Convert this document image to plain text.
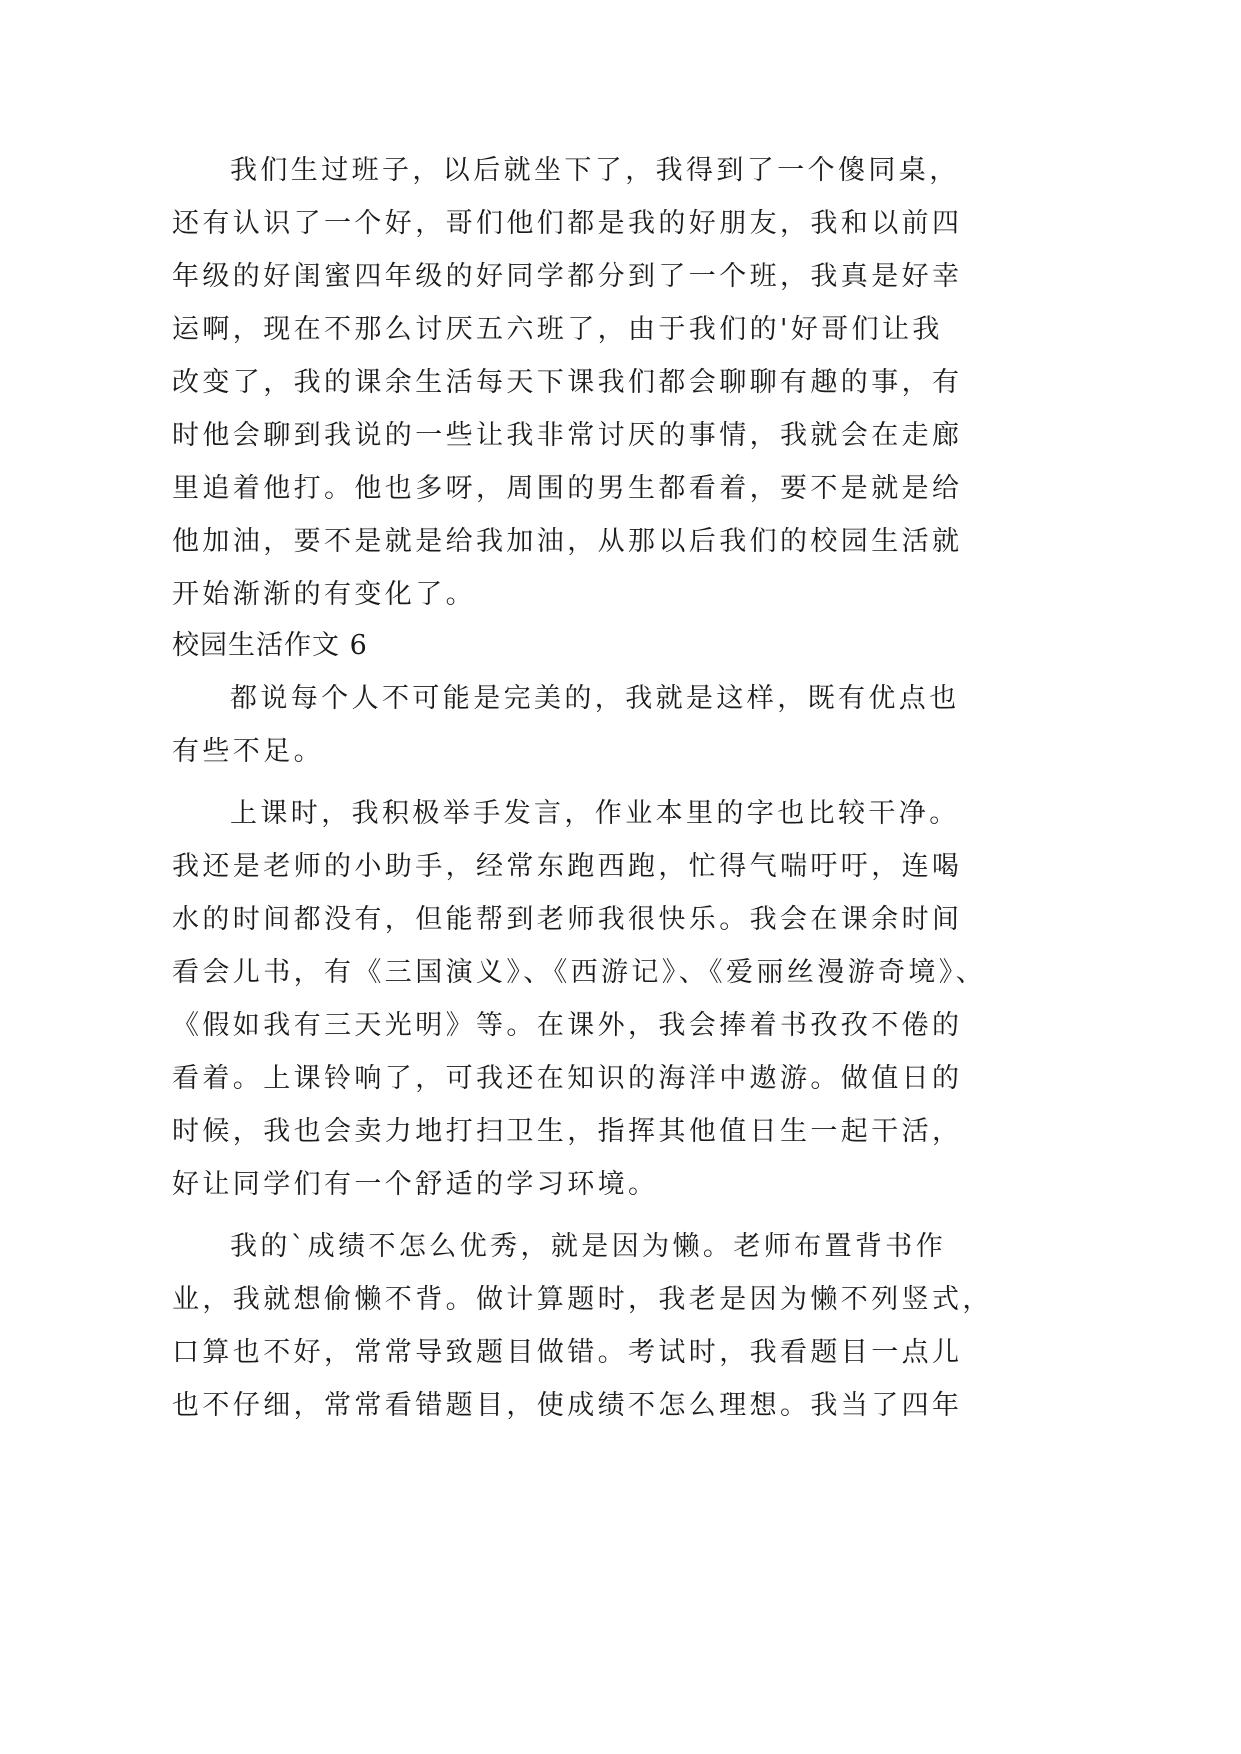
我们生过班子，以后就坐下了，我得到了一个傻同桌，
还有认识了一个好，哥们他们都是我的好朋友，我和以前四
年级的好闺蜜四年级的好同学都分到了一个班，我真是好幸
运啊，现在不那么讨厌五六班了，由于我们的'好哥们让我
改变了，我的课余生活每天下课我们都会聊聊有趣的事，有
时他会聊到我说的一些让我非常讨厌的事情，我就会在走廊
里追着他打。他也多呀，周围的男生都看着，要不是就是给
他加油，要不是就是给我加油，从那以后我们的校园生活就
开始渐渐的有变化了。
校园生活作文 6
都说每个人不可能是完美的，我就是这样，既有优点也
有些不足。
上课时，我积极举手发言，作业本里的字也比较干净。
我还是老师的小助手，经常东跑西跑，忙得气喘吁吁，连喝
水的时间都没有，但能帮到老师我很快乐。我会在课余时间
看会儿书，有《三国演义》、《西游记》、《爱丽丝漫游奇境》、
《假如我有三天光明》等。在课外，我会捧着书孜孜不倦的
看着。上课铃响了，可我还在知识的海洋中遨游。做值日的
时候，我也会卖力地打扫卫生，指挥其他值日生一起干活，
好让同学们有一个舒适的学习环境。
我的`成绩不怎么优秀，就是因为懒。老师布置背书作
业，我就想偷懒不背。做计算题时，我老是因为懒不列竖式，
口算也不好，常常导致题目做错。考试时，我看题目一点儿
也不仔细，常常看错题目，使成绩不怎么理想。我当了四年
